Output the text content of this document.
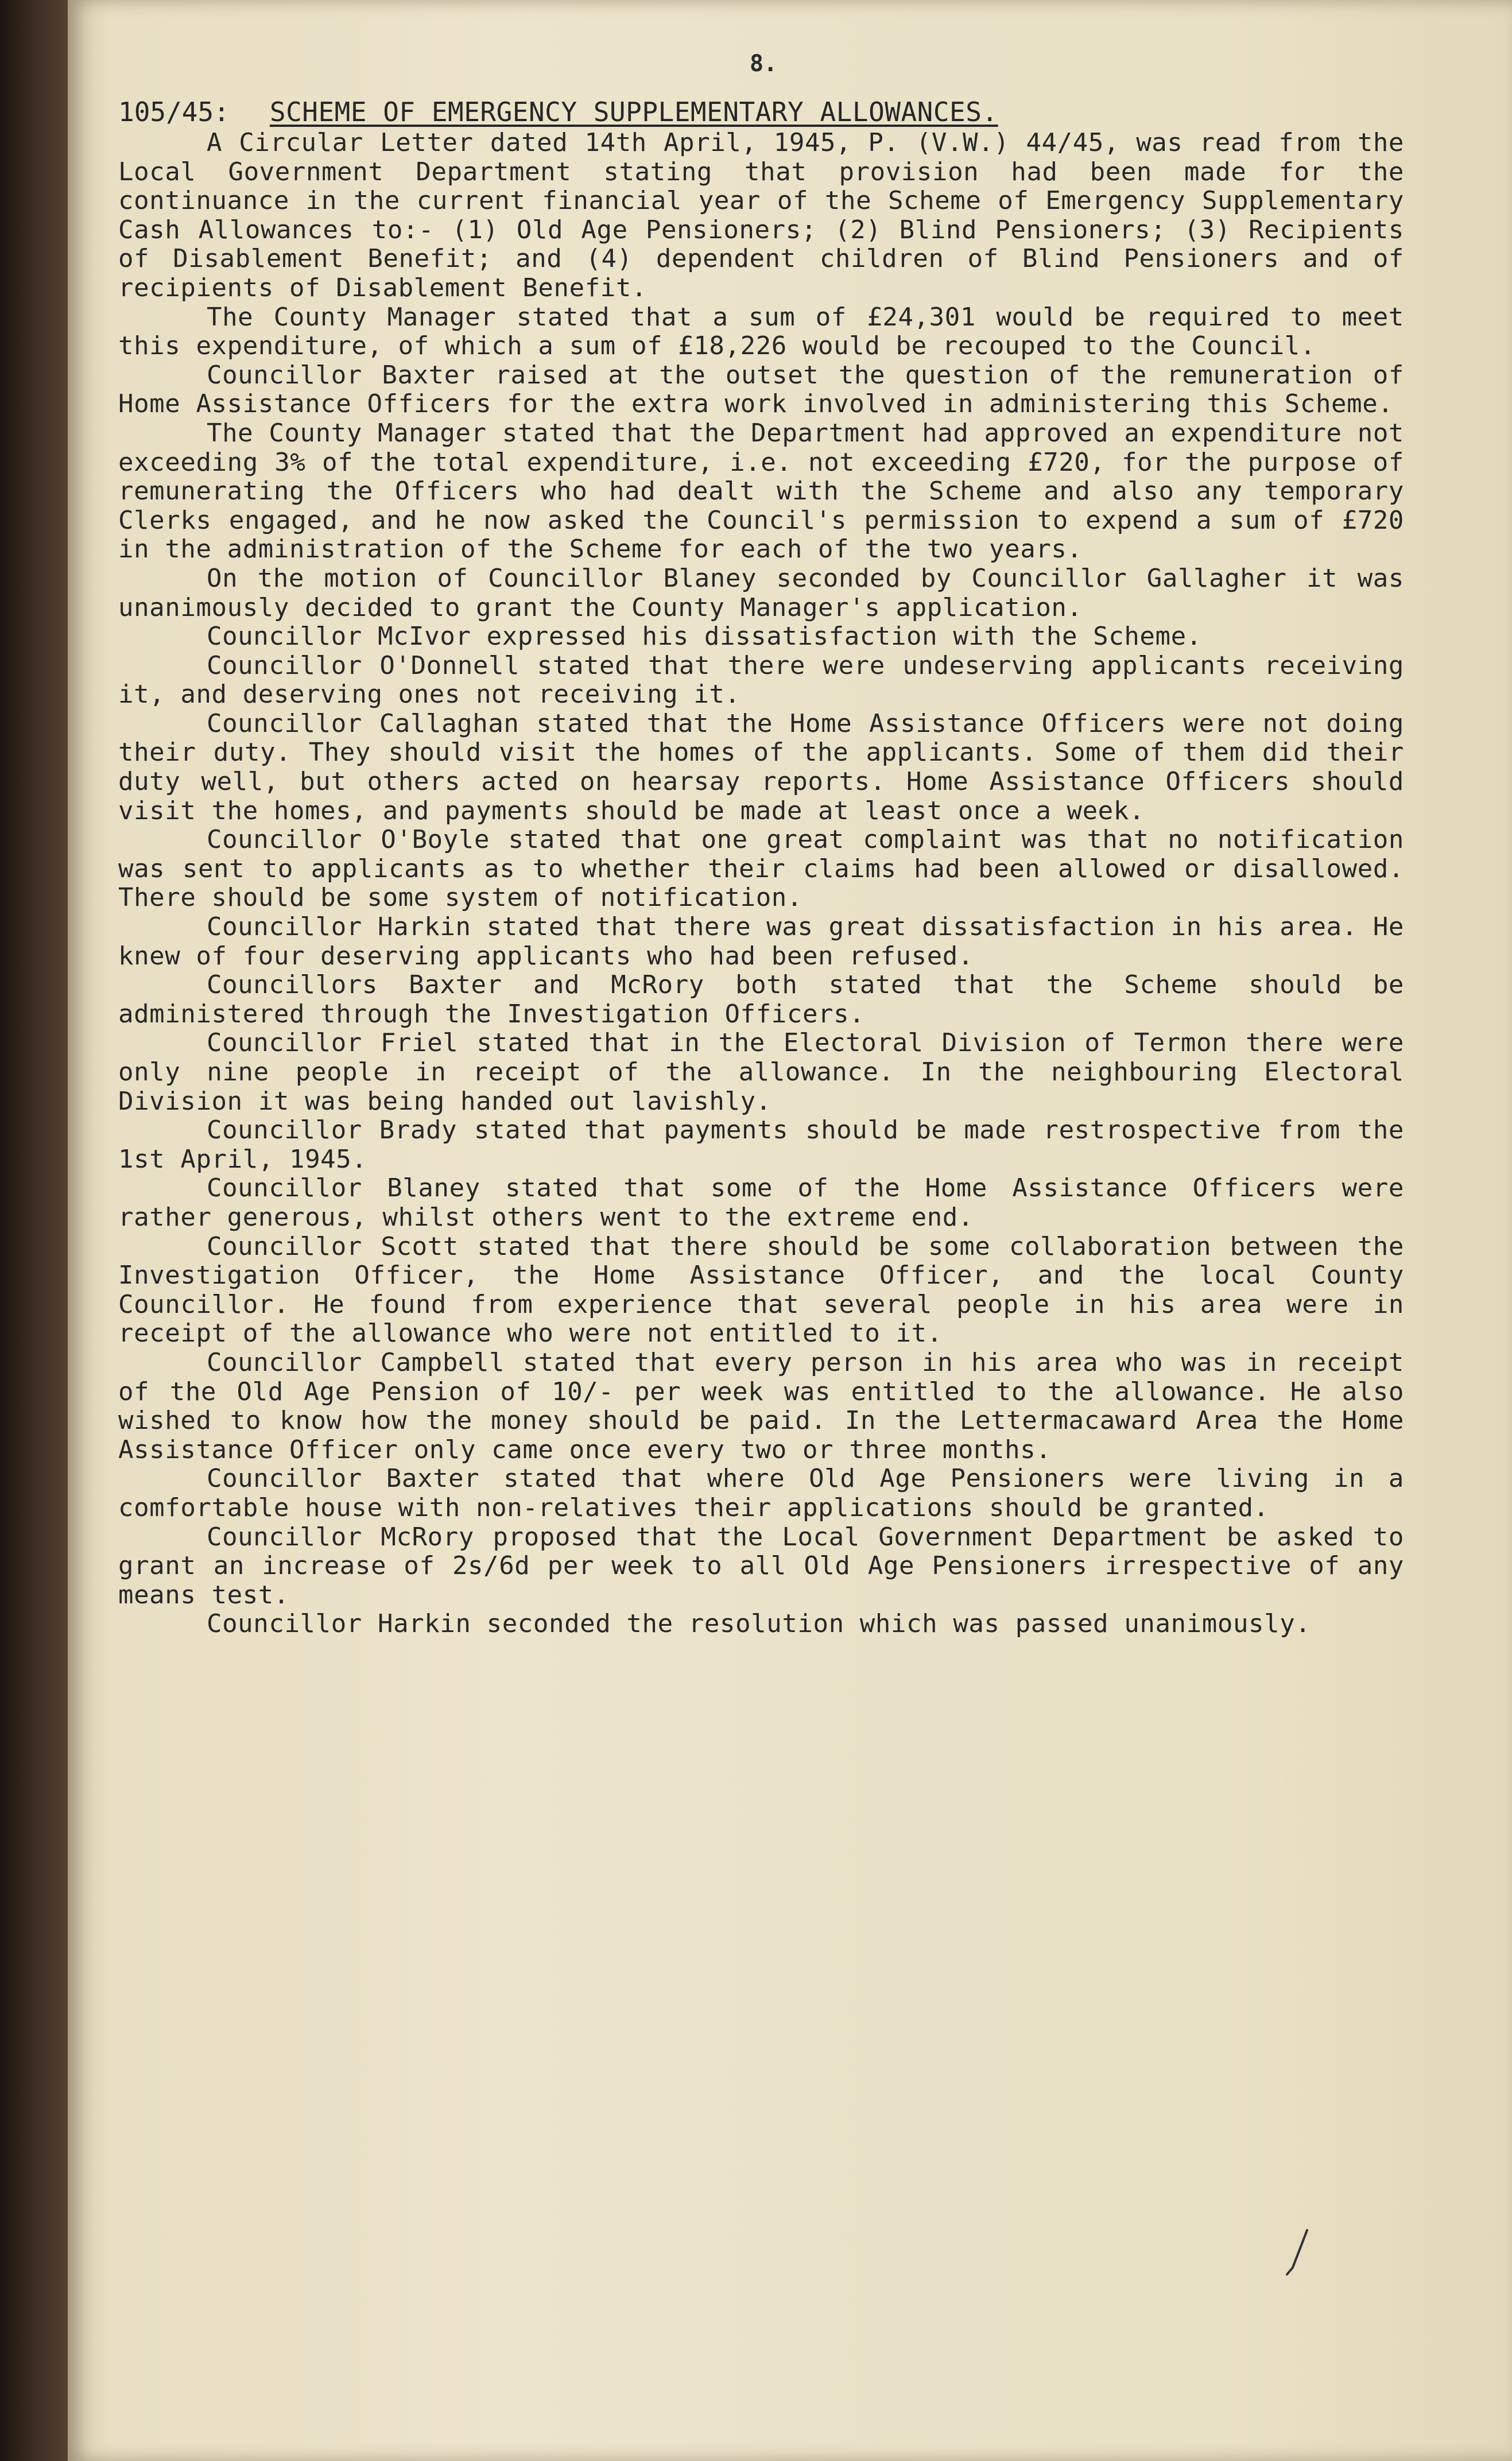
8.
105/45: SCHEME OF EMERGENCY SUPPLEMENTARY ALLOWANCES.

A Circular Letter dated 14th April, 1945, P. (V.W.) 44/45, was read from the Local Government Department stating that provision had been made for the continuance in the current financial year of the Scheme of Emergency Supplementary Cash Allowances to:- (1) Old Age Pensioners; (2) Blind Pensioners; (3) Recipients of Disablement Benefit; and (4) dependent children of Blind Pensioners and of recipients of Disablement Benefit.

The County Manager stated that a sum of £24,301 would be required to meet this expenditure, of which a sum of £18,226 would be recouped to the Council.

Councillor Baxter raised at the outset the question of the remuneration of Home Assistance Officers for the extra work involved in administering this Scheme.

The County Manager stated that the Department had approved an expenditure not exceeding 3% of the total expenditure, i.e. not exceeding £720, for the purpose of remunerating the Officers who had dealt with the Scheme and also any temporary Clerks engaged, and he now asked the Council's permission to expend a sum of £720 in the administration of the Scheme for each of the two years.

On the motion of Councillor Blaney seconded by Councillor Gallagher it was unanimously decided to grant the County Manager's application.

Councillor McIvor expressed his dissatisfaction with the Scheme.

Councillor O'Donnell stated that there were undeserving applicants receiving it, and deserving ones not receiving it.

Councillor Callaghan stated that the Home Assistance Officers were not doing their duty. They should visit the homes of the applicants. Some of them did their duty well, but others acted on hearsay reports. Home Assistance Officers should visit the homes, and payments should be made at least once a week.

Councillor O'Boyle stated that one great complaint was that no notification was sent to applicants as to whether their claims had been allowed or disallowed. There should be some system of notification.

Councillor Harkin stated that there was great dissatisfaction in his area. He knew of four deserving applicants who had been refused.

Councillors Baxter and McRory both stated that the Scheme should be administered through the Investigation Officers.

Councillor Friel stated that in the Electoral Division of Termon there were only nine people in receipt of the allowance. In the neighbouring Electoral Division it was being handed out lavishly.

Councillor Brady stated that payments should be made restrospective from the 1st April, 1945.

Councillor Blaney stated that some of the Home Assistance Officers were rather generous, whilst others went to the extreme end.

Councillor Scott stated that there should be some collaboration between the Investigation Officer, the Home Assistance Officer, and the local County Councillor. He found from experience that several people in his area were in receipt of the allowance who were not entitled to it.

Councillor Campbell stated that every person in his area who was in receipt of the Old Age Pension of 10/- per week was entitled to the allowance. He also wished to know how the money should be paid. In the Lettermacaward Area the Home Assistance Officer only came once every two or three months.

Councillor Baxter stated that where Old Age Pensioners were living in a comfortable house with non-relatives their applications should be granted.

Councillor McRory proposed that the Local Government Department be asked to grant an increase of 2s/6d per week to all Old Age Pensioners irrespective of any means test.

Councillor Harkin seconded the resolution which was passed unanimously.
